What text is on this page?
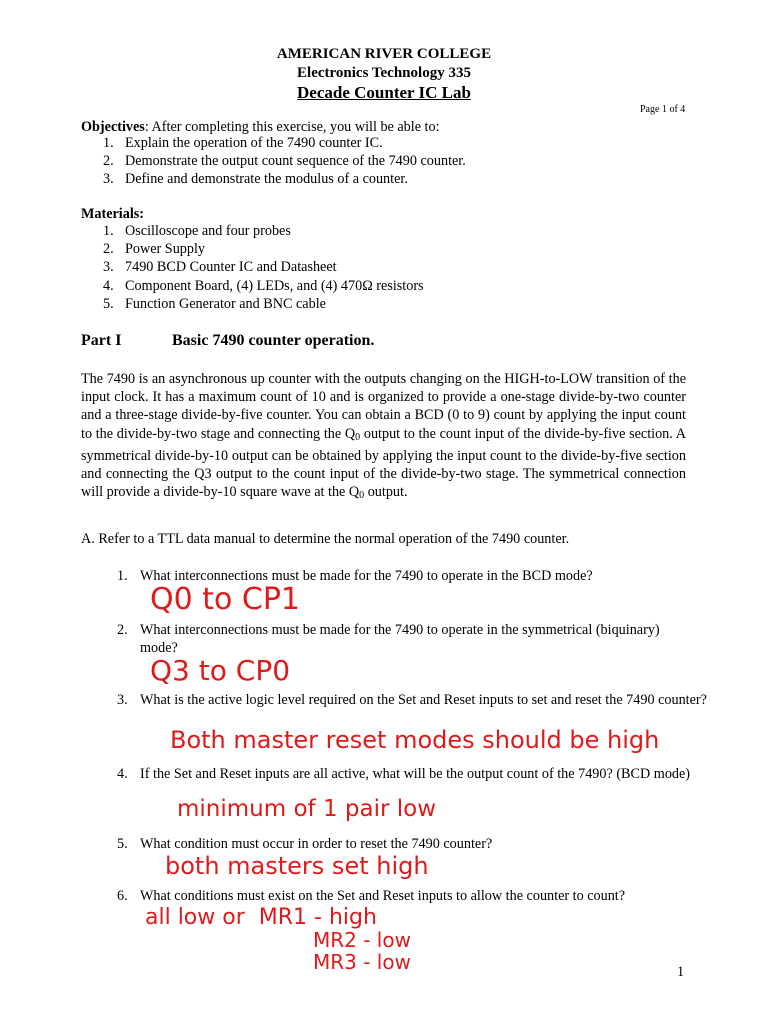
AMERICAN RIVER COLLEGE
Electronics Technology 335
Decade Counter IC Lab
Page 1 of 4
Objectives: After completing this exercise, you will be able to:
1. Explain the operation of the 7490 counter IC.
2. Demonstrate the output count sequence of the 7490 counter.
3. Define and demonstrate the modulus of a counter.
Materials:
1. Oscilloscope and four probes
2. Power Supply
3. 7490 BCD Counter IC and Datasheet
4. Component Board, (4) LEDs, and (4) 470Ω resistors
5. Function Generator and BNC cable
Part I	Basic 7490 counter operation.
The 7490 is an asynchronous up counter with the outputs changing on the HIGH-to-LOW transition of the input clock. It has a maximum count of 10 and is organized to provide a one-stage divide-by-two counter and a three-stage divide-by-five counter. You can obtain a BCD (0 to 9) count by applying the input count to the divide-by-two stage and connecting the $Q_0$ output to the count input of the divide-by-five section. A symmetrical divide-by-10 output can be obtained by applying the input count to the divide-by-five section and connecting the Q3 output to the count input of the divide-by-two stage. The symmetrical connection will provide a divide-by-10 square wave at the $Q_0$ output.
A. Refer to a TTL data manual to determine the normal operation of the 7490 counter.
1. What interconnections must be made for the 7490 to operate in the BCD mode?
Q0 to CP1
2. What interconnections must be made for the 7490 to operate in the symmetrical (biquinary) mode?
Q3 to CP0
3. What is the active logic level required on the Set and Reset inputs to set and reset the 7490 counter?
Both master reset modes should be high
4. If the Set and Reset inputs are all active, what will be the output count of the 7490? (BCD mode)
minimum of 1 pair low
5. What condition must occur in order to reset the 7490 counter?
both masters set high
6. What conditions must exist on the Set and Reset inputs to allow the counter to count?
all low or  MR1 - high
MR2 - low
MR3 - low	1
